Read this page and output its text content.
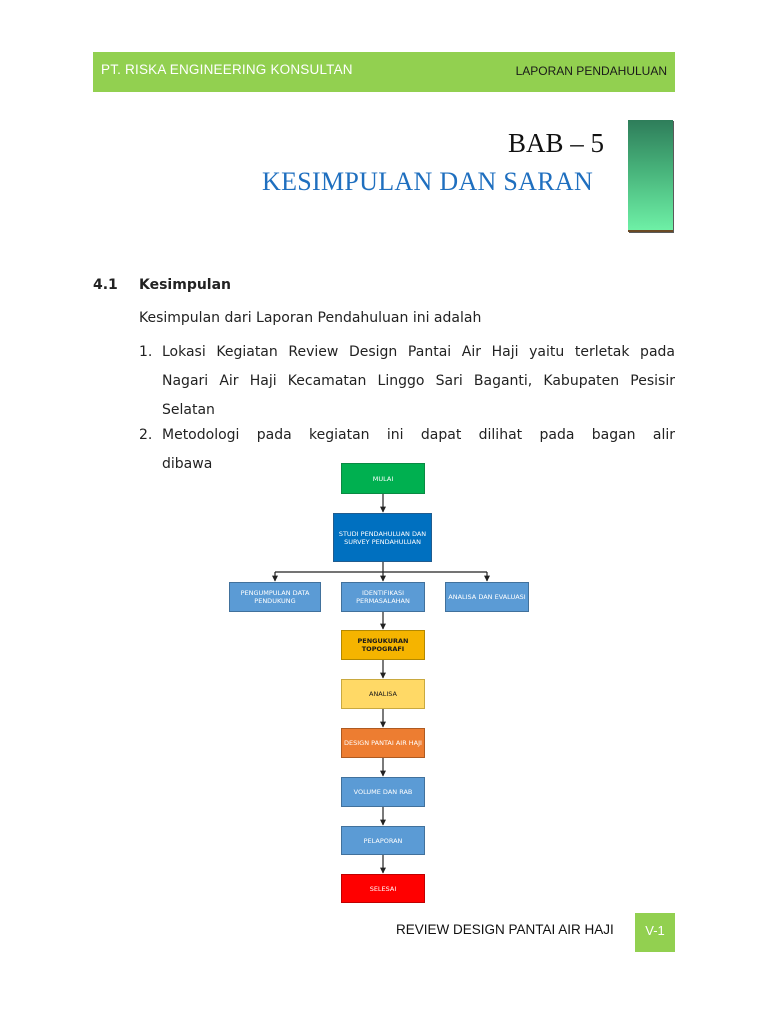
PT. RISKA ENGINEERING KONSULTAN	LAPORAN PENDAHULUAN
BAB – 5
KESIMPULAN DAN SARAN
4.1 Kesimpulan
Kesimpulan dari Laporan Pendahuluan ini adalah
1. Lokasi Kegiatan Review Design Pantai Air Haji yaitu terletak pada
Nagari Air Haji Kecamatan Linggo Sari Baganti, Kabupaten Pesisir
Selatan
2. Metodologi pada kegiatan ini dapat dilihat pada bagan alir
dibawa
MULAI
STUDI PENDAHULUAN DAN SURVEY PENDAHULUAN
PENGUMPULAN DATA PENDUKUNG
IDENTIFIKASI PERMASALAHAN	ANALISA DAN EVALUASI
PENGUKURAN TOPOGRAFI
ANALISA
DESIGN PANTAI AIR HAJI
VOLUME DAN RAB
PELAPORAN
SELESAI
REVIEW DESIGN PANTAI AIR HAJI	V-1
